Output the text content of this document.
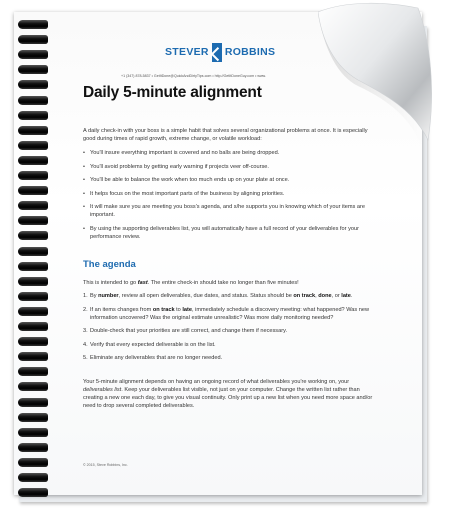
STEVER ROBBINS
+1 (347) 878-5837 • GetItDone@QuickAndDirtyTips.com • http://GetItDoneGuy.com • www.
Daily 5-minute alignment
A daily check-in with your boss is a simple habit that solves several organizational problems at once. It is especially good during times of rapid growth, extreme change, or volatile workload:
• You'll insure everything important is covered and no balls are being dropped.
• You'll avoid problems by getting early warning if projects veer off-course.
• You'll be able to balance the work when too much ends up on your plate at once.
• It helps focus on the most important parts of the business by aligning priorities.
• It will make sure you are meeting you boss's agenda, and s/he supports you in knowing which of your items are important.
• By using the supporting deliverables list, you will automatically have a full record of your deliverables for your performance review.
The agenda
This is intended to go fast. The entire check-in should take no longer than five minutes!
1. By number, review all open deliverables, due dates, and status. Status should be on track, done, or late.
2. If an items changes from on track to late, immediately schedule a discovery meeting: what happened? Was new information uncovered? Was the original estimate unrealistic? Was more daily monitoring needed?
3. Double-check that your priorities are still correct, and change them if necessary.
4. Verify that every expected deliverable is on the list.
5. Eliminate any deliverables that are no longer needed.
Your 5-minute alignment depends on having an ongoing record of what deliverables you're working on, your deliverables list. Keep your deliverables list visible, not just on your computer. Change the written list rather than creating a new one each day, to give you visual continuity. Only print up a new list when you need more space and/or need to drop several completed deliverables.
© 2015, Steve Robbins, Inc.
